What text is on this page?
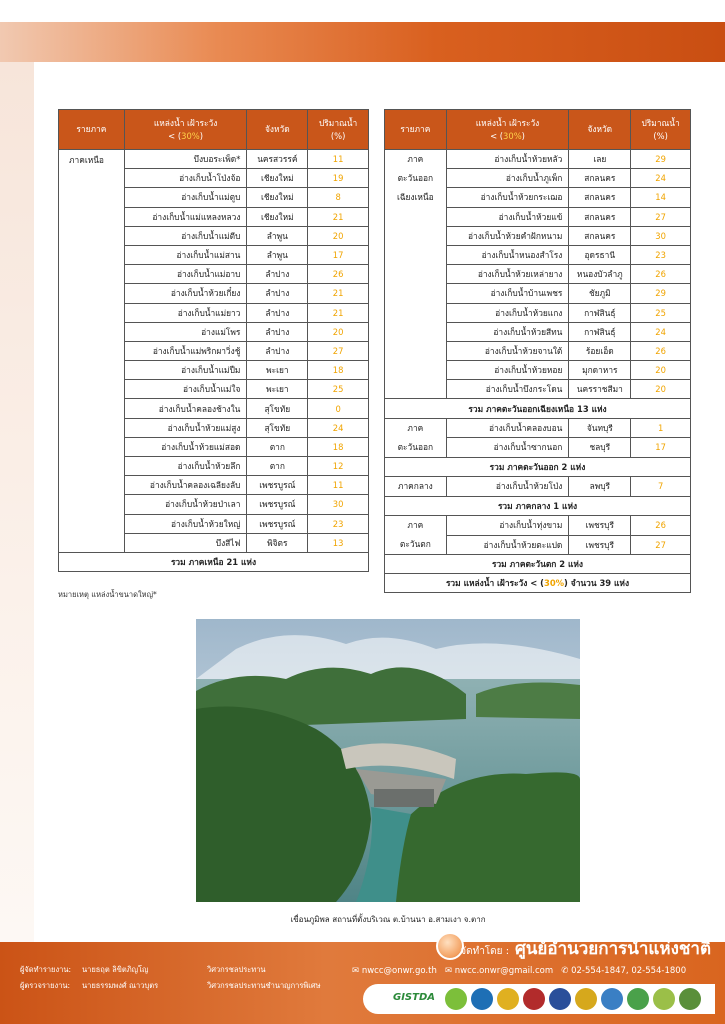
รายภาค	แหล่งน้ำ เฝ้าระวัง
< (30%)	จังหวัด	ปริมาณน้ำ
(%)
ภาคเหนือ	บึงบอระเพ็ด*	นครสวรรค์	11
	อ่างเก็บน้ำโป่งจ้อ	เชียงใหม่	19
	อ่างเก็บน้ำแม่ตูบ	เชียงใหม่	8
	อ่างเก็บน้ำแม่แหลงหลวง	เชียงใหม่	21
	อ่างเก็บน้ำแม่ตีบ	ลำพูน	20
	อ่างเก็บน้ำแม่สาน	ลำพูน	17
	อ่างเก็บน้ำแม่อาบ	ลำปาง	26
	อ่างเก็บน้ำห้วยเกี๋ยง	ลำปาง	21
	อ่างเก็บน้ำแม่ยาว	ลำปาง	21
	อ่างแม่โพร	ลำปาง	20
	อ่างเก็บน้ำแม่พริกผาวิ่งชู้	ลำปาง	27
	อ่างเก็บน้ำแม่ปืม	พะเยา	18
	อ่างเก็บน้ำแม่ใจ	พะเยา	25
	อ่างเก็บน้ำคลองช้างใน	สุโขทัย	0
	อ่างเก็บน้ำห้วยแม่สูง	สุโขทัย	24
	อ่างเก็บน้ำห้วยแม่สอด	ตาก	18
	อ่างเก็บน้ำห้วยลึก	ตาก	12
	อ่างเก็บน้ำคลองเฉลียงลับ	เพชรบูรณ์	11
	อ่างเก็บน้ำห้วยป่าเลา	เพชรบูรณ์	30
	อ่างเก็บน้ำห้วยใหญ่	เพชรบูรณ์	23
	บึงสีไฟ	พิจิตร	13
รวม ภาคเหนือ 21 แห่ง			
หมายเหตุ แหล่งน้ำขนาดใหญ่*
รายภาค	แหล่งน้ำ เฝ้าระวัง
< (30%)	จังหวัด	ปริมาณน้ำ
(%)

ภาค
ตะวันออก
เฉียงเหนือ	อ่างเก็บน้ำห้วยหลัว	เลย	29
	อ่างเก็บน้ำภูเพ็ก	สกลนคร	24
	อ่างเก็บน้ำห้วยกระเฌอ	สกลนคร	14
	อ่างเก็บน้ำห้วยแข้	สกลนคร	27
	อ่างเก็บน้ำห้วยคำฝักหนาม	สกลนคร	30
	อ่างเก็บน้ำหนองสำโรง	อุดรธานี	23
	อ่างเก็บน้ำห้วยเหล่ายาง	หนองบัวลำภู	26
	อ่างเก็บน้ำบ้านเพชร	ชัยภูมิ	29
	อ่างเก็บน้ำห้วยแกง	กาฬสินธุ์	25
	อ่างเก็บน้ำห้วยสีทน	กาฬสินธุ์	24
	อ่างเก็บน้ำห้วยจานใต้	ร้อยเอ็ด	26
	อ่างเก็บน้ำห้วยหอย	มุกดาหาร	20
	อ่างเก็บน้ำบึงกระโดน	นครราชสีมา	20
รวม ภาคตะวันออกเฉียงเหนือ 13 แห่ง			

ภาค
ตะวันออก	อ่างเก็บน้ำคลองบอน	จันทบุรี	1
	อ่างเก็บน้ำซากนอก	ชลบุรี	17
รวม ภาคตะวันออก 2 แห่ง			

ภาคกลาง	อ่างเก็บน้ำห้วยโป่ง	ลพบุรี	7
รวม ภาคกลาง 1 แห่ง			

ภาค
ตะวันตก	อ่างเก็บน้ำทุ่งขาม	เพชรบุรี	26
	อ่างเก็บน้ำห้วยตะแปด	เพชรบุรี	27
รวม ภาคตะวันตก 2 แห่ง			
รวม แหล่งน้ำ เฝ้าระวัง < (30%) จำนวน 39 แห่ง			
เขื่อนภูมิพล สถานที่ตั้งบริเวณ ต.บ้านนา อ.สามเงา จ.ตาก
จัดทำโดย : ศูนย์อำนวยการน้ำแห่งชาติ
✉ nwcc@onwr.go.th ✉ nwcc.onwr@gmail.com ✆ 02-554-1847, 02-554-1800
ผู้จัดทำรายงาน: นายธฤต ลิขิตภิญโญ	วิศวกรชลประทาน
ผู้ตรวจรายงาน: นายธรรมพงศ์ ณาวบุตร	วิศวกรชลประทานชำนาญการพิเศษ
GISTDA
